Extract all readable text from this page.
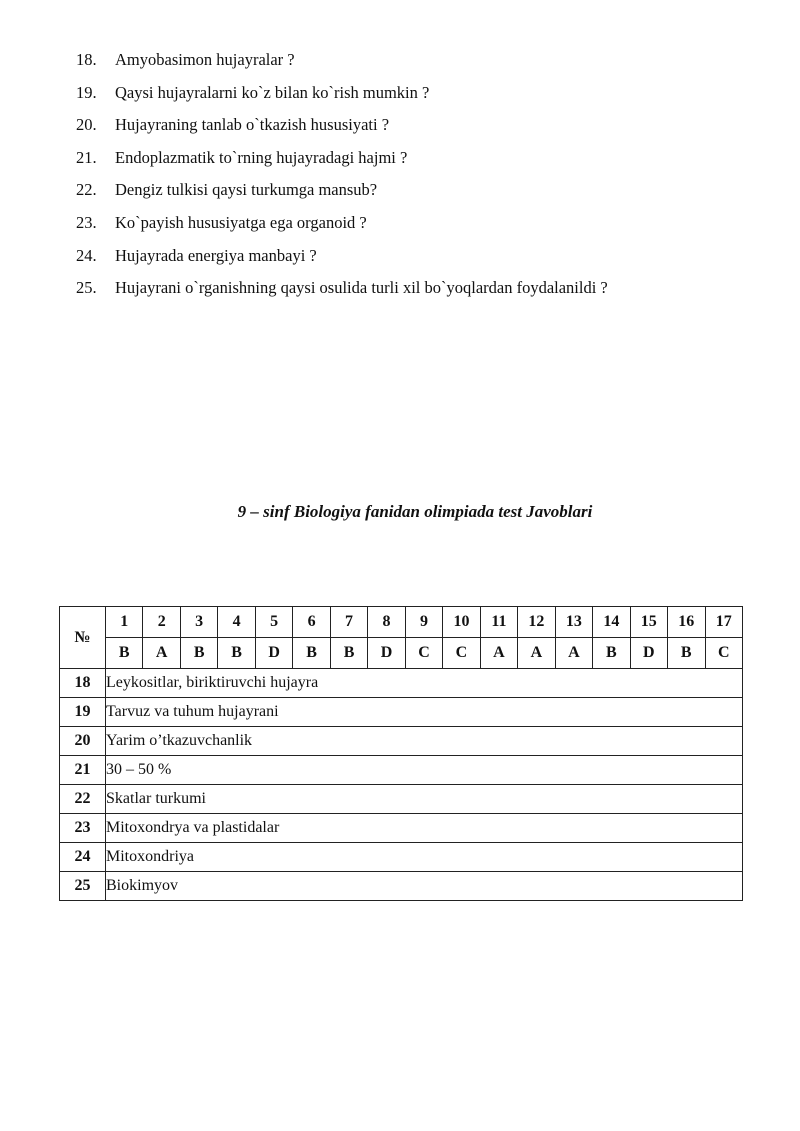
18. Amyobasimon hujayralar ?
19. Qaysi hujayralarni ko`z bilan ko`rish mumkin ?
20. Hujayraning tanlab o`tkazish hususiyati ?
21. Endoplazmatik to`rning hujayradagi hajmi ?
22. Dengiz tulkisi qaysi turkumga mansub?
23. Ko`payish hususiyatga ega organoid ?
24. Hujayrada energiya manbayi ?
25. Hujayrani o`rganishning qaysi osulida turli xil bo`yoqlardan foydalanildi ?
9 – sinf Biologiya fanidan olimpiada test Javoblari
№	1	2	3	4	5	6	7	8	9	10	11	12	13	14	15	16	17
	B	A	B	B	D	B	B	D	C	C	A	A	A	B	D	B	C
18	Leykositlar, biriktiruvchi hujayra																
19	Tarvuz va tuhum hujayrani																
20	Yarim o’tkazuvchanlik																
21	30 – 50 %																
22	Skatlar turkumi																
23	Mitoxondrya va plastidalar																
24	Mitoxondriya																
25	Biokimyov																
